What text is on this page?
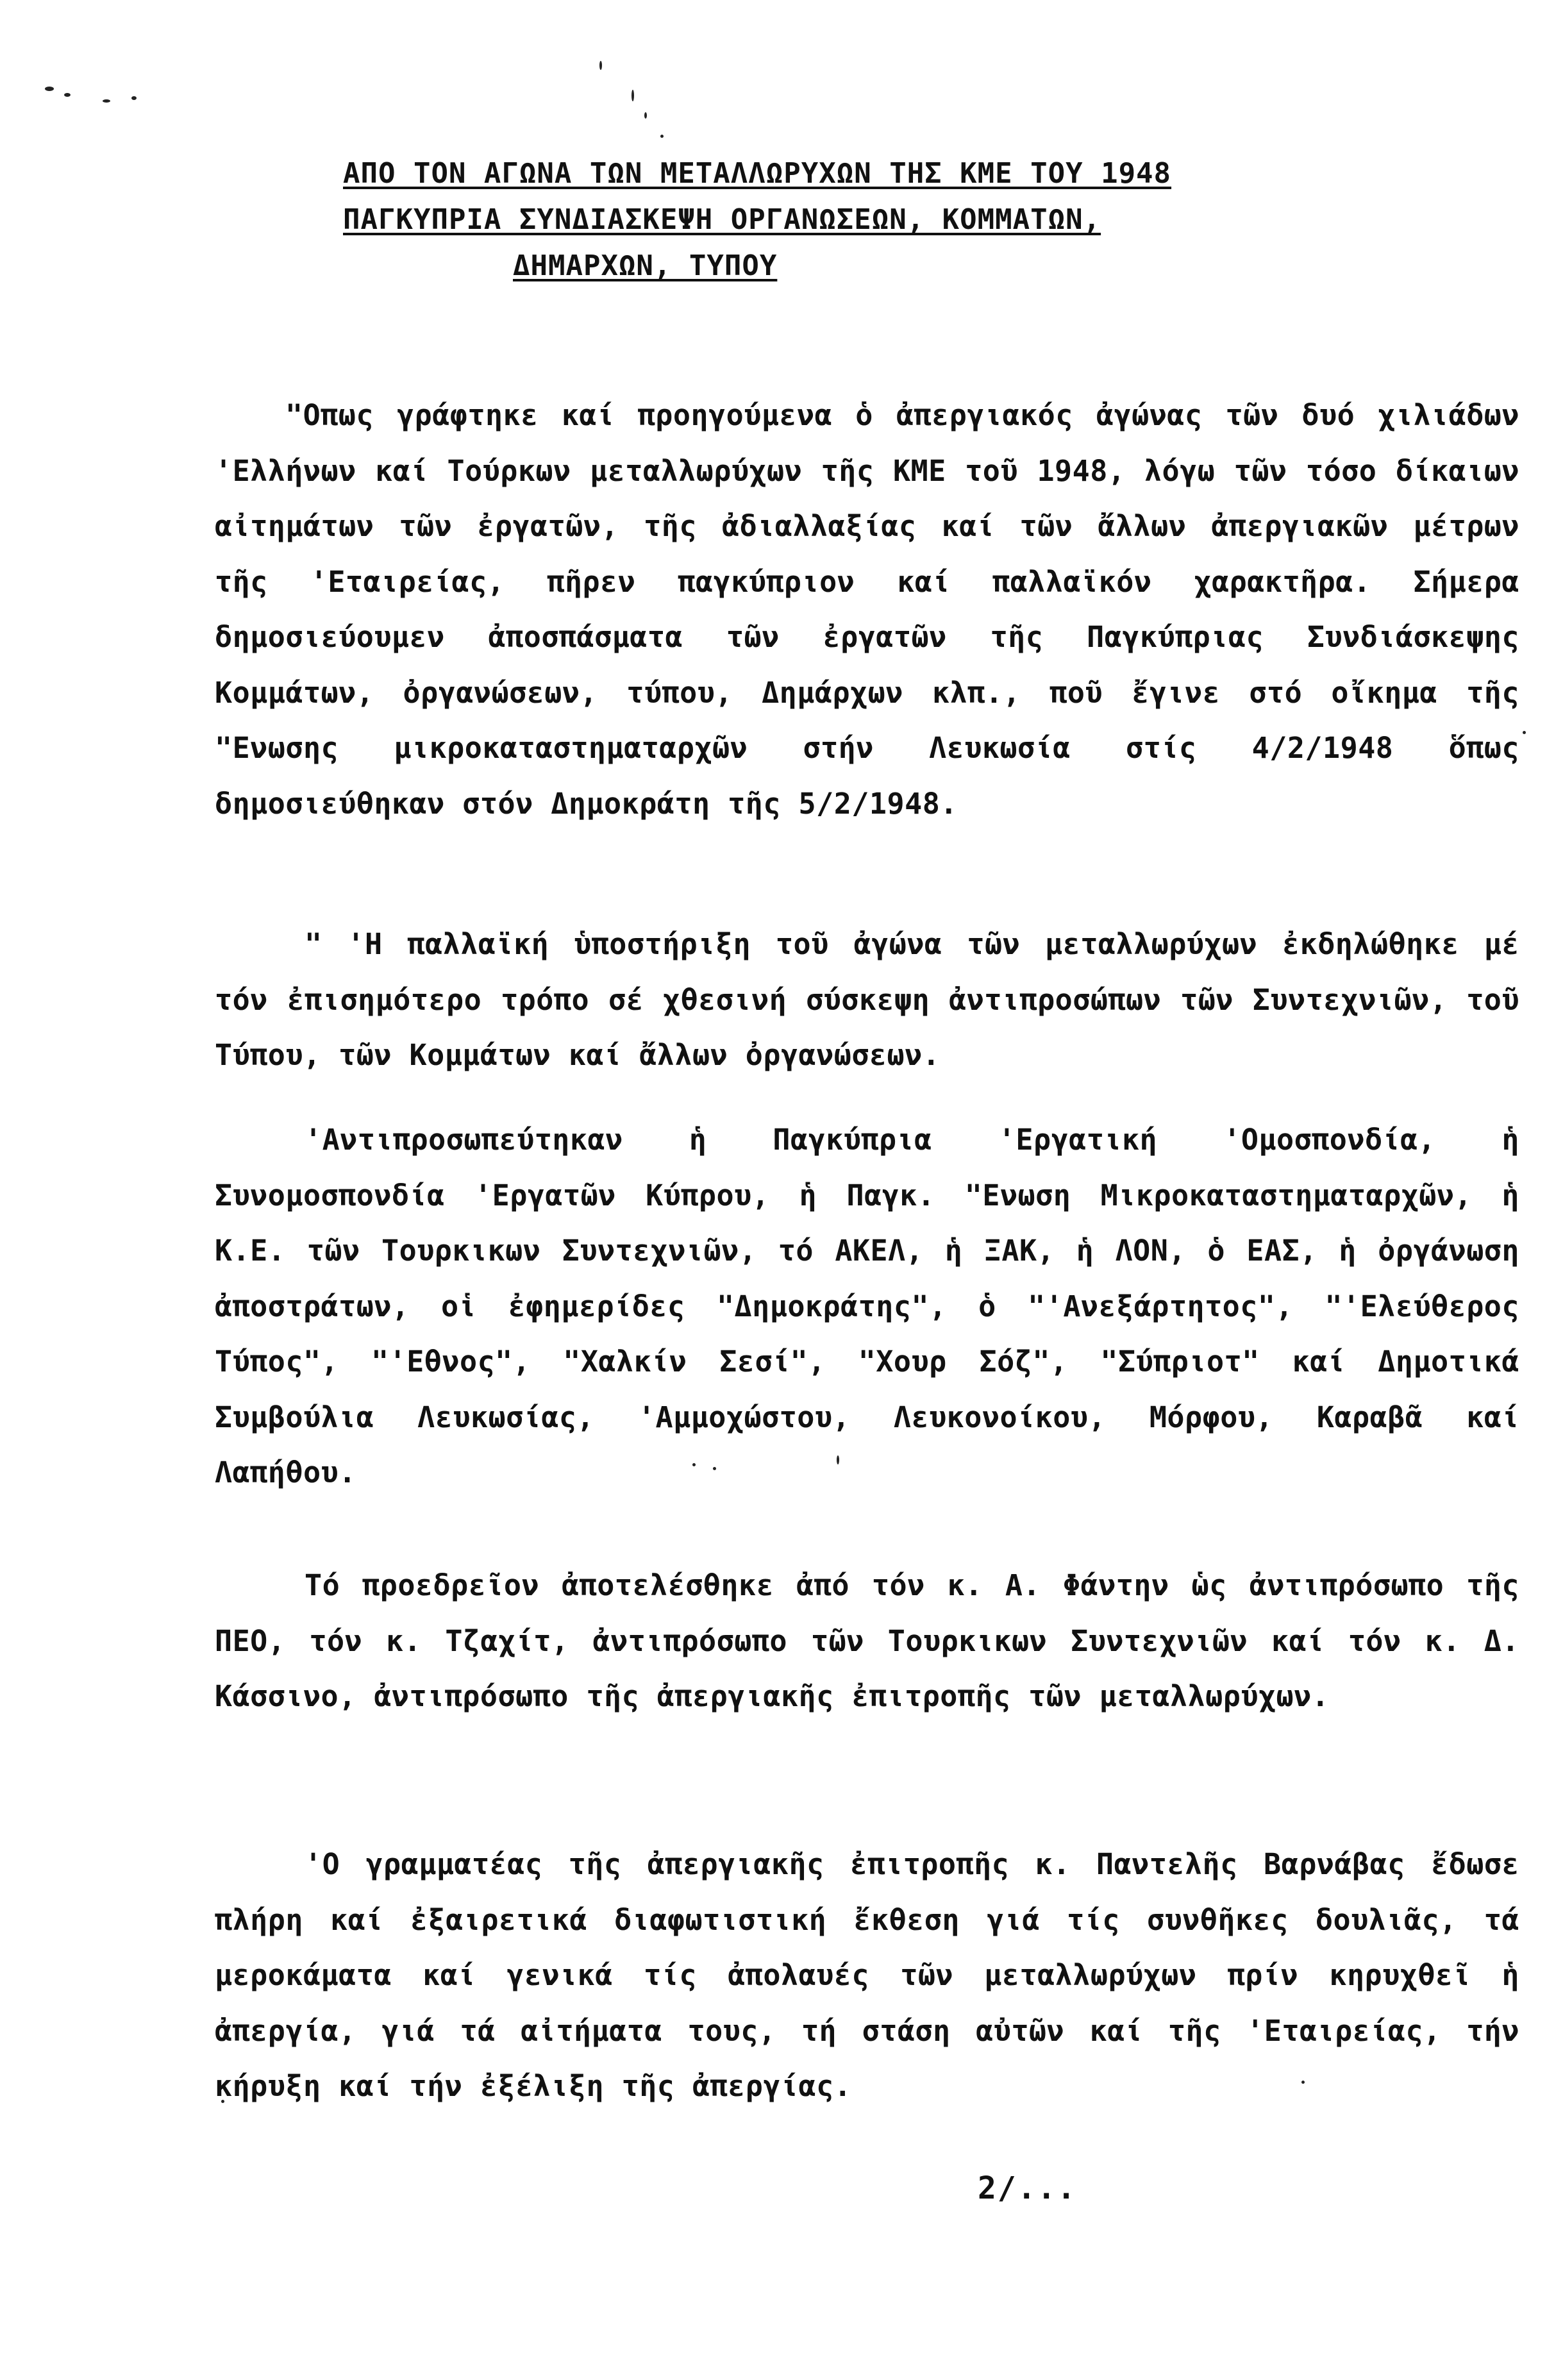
ΑΠΟ ΤΟΝ ΑΓΩΝΑ ΤΩΝ ΜΕΤΑΛΛΩΡΥΧΩΝ ΤΗΣ ΚΜΕ ΤΟΥ 1948
ΠΑΓΚΥΠΡΙΑ ΣΥΝΔΙΑΣΚΕΨΗ ΟΡΓΑΝΩΣΕΩΝ, ΚΟΜΜΑΤΩΝ,
ΔΗΜΑΡΧΩΝ, ΤΥΠΟΥ

"Οπως γράφτηκε καί προηγούμενα ὁ ἀπεργιακός ἀγώνας τῶν δυό χιλιάδων 'Ελλήνων καί Τούρκων μεταλλωρύχων τῆς ΚΜΕ τοῦ 1948, λόγω τῶν τόσο δίκαιων αἰτημάτων τῶν ἐργατῶν, τῆς ἀδιαλλαξίας καί τῶν ἄλλων ἀπεργιακῶν μέτρων τῆς 'Εταιρείας, πῆρεν παγκύπριον καί παλλαϊκόν χαρακτῆρα. Σήμερα δημοσιεύουμεν ἀποσπάσματα τῶν ἐργατῶν τῆς Παγκύπριας Συνδιάσκεψης Κομμάτων, ὀργανώσεων, τύπου, Δημάρχων κλπ., ποῦ ἔγινε στό οἴκημα τῆς "Ενωσης μικροκαταστηματαρχῶν στήν Λευκωσία στίς 4/2/1948 ὅπως δημοσιεύθηκαν στόν Δημοκράτη τῆς 5/2/1948.

" 'Η παλλαϊκή ὑποστήριξη τοῦ ἀγώνα τῶν μεταλλωρύχων ἐκδηλώθηκε μέ τόν ἐπισημότερο τρόπο σέ χθεσινή σύσκεψη ἀντιπροσώπων τῶν Συντεχνιῶν, τοῦ Τύπου, τῶν Κομμάτων καί ἄλλων ὀργανώσεων.

'Αντιπροσωπεύτηκαν ἡ Παγκύπρια 'Εργατική 'Ομοσπονδία, ἡ Συνομοσπονδία 'Εργατῶν Κύπρου, ἡ Παγκ. "Ενωση Μικροκαταστηματαρχῶν, ἡ Κ.Ε. τῶν Τουρκικων Συντεχνιῶν, τό ΑΚΕΛ, ἡ ΞΑΚ, ἡ ΛΟΝ, ὁ ΕΑΣ, ἡ ὀργάνωση ἀποστράτων, οἱ ἐφημερίδες "Δημοκράτης", ὁ "'Ανεξάρτητος", "'Ελεύθερος Τύπος", "'Εθνος", "Χαλκίν Σεσί", "Χουρ Σόζ", "Σύπριοτ" καί Δημοτικά Συμβούλια Λευκωσίας, 'Αμμοχώστου, Λευκονοίκου, Μόρφου, Καραβᾶ καί Λαπήθου.

Τό προεδρεῖον ἀποτελέσθηκε ἀπό τόν κ. Α. Φάντην ὡς ἀντιπρόσωπο τῆς ΠΕΟ, τόν κ. Τζαχίτ, ἀντιπρόσωπο τῶν Τουρκικων Συντεχνιῶν καί τόν κ. Δ. Κάσσινο, ἀντιπρόσωπο τῆς ἀπεργιακῆς ἐπιτροπῆς τῶν μεταλλωρύχων.

'Ο γραμματέας τῆς ἀπεργιακῆς ἐπιτροπῆς κ. Παντελῆς Βαρνάβας ἔδωσε πλήρη καί ἐξαιρετικά διαφωτιστική ἔκθεση γιά τίς συνθῆκες δουλιᾶς, τά μεροκάματα καί γενικά τίς ἀπολαυές τῶν μεταλλωρύχων πρίν κηρυχθεῖ ἡ ἀπεργία, γιά τά αἰτήματα τους, τή στάση αὐτῶν καί τῆς 'Εταιρείας, τήν κήρυξη καί τήν ἐξέλιξη τῆς ἀπεργίας.

2/...
